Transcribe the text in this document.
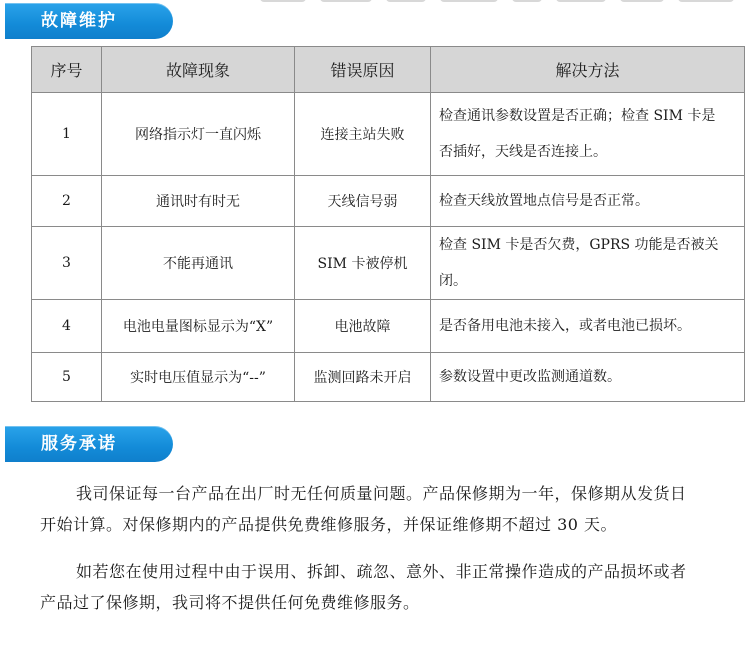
故障维护
序号	故障现象	错误原因	解决方法
1	网络指示灯一直闪烁	连接主站失败	检查通讯参数设置是否正确；检查 SIM 卡是
否插好，天线是否连接上。
2	通讯时有时无	天线信号弱	检查天线放置地点信号是否正常。
3	不能再通讯	SIM 卡被停机	检查 SIM 卡是否欠费，GPRS 功能是否被关闭。
4	电池电量图标显示为“X”	电池故障	是否备用电池未接入，或者电池已损坏。
5	实时电压值显示为“--”	监测回路未开启	参数设置中更改监测通道数。
服务承诺

我司保证每一台产品在出厂时无任何质量问题。产品保修期为一年，保修期从发货日
开始计算。对保修期内的产品提供免费维修服务，并保证维修期不超过 30 天。

如若您在使用过程中由于误用、拆卸、疏忽、意外、非正常操作造成的产品损坏或者
产品过了保修期，我司将不提供任何免费维修服务。
